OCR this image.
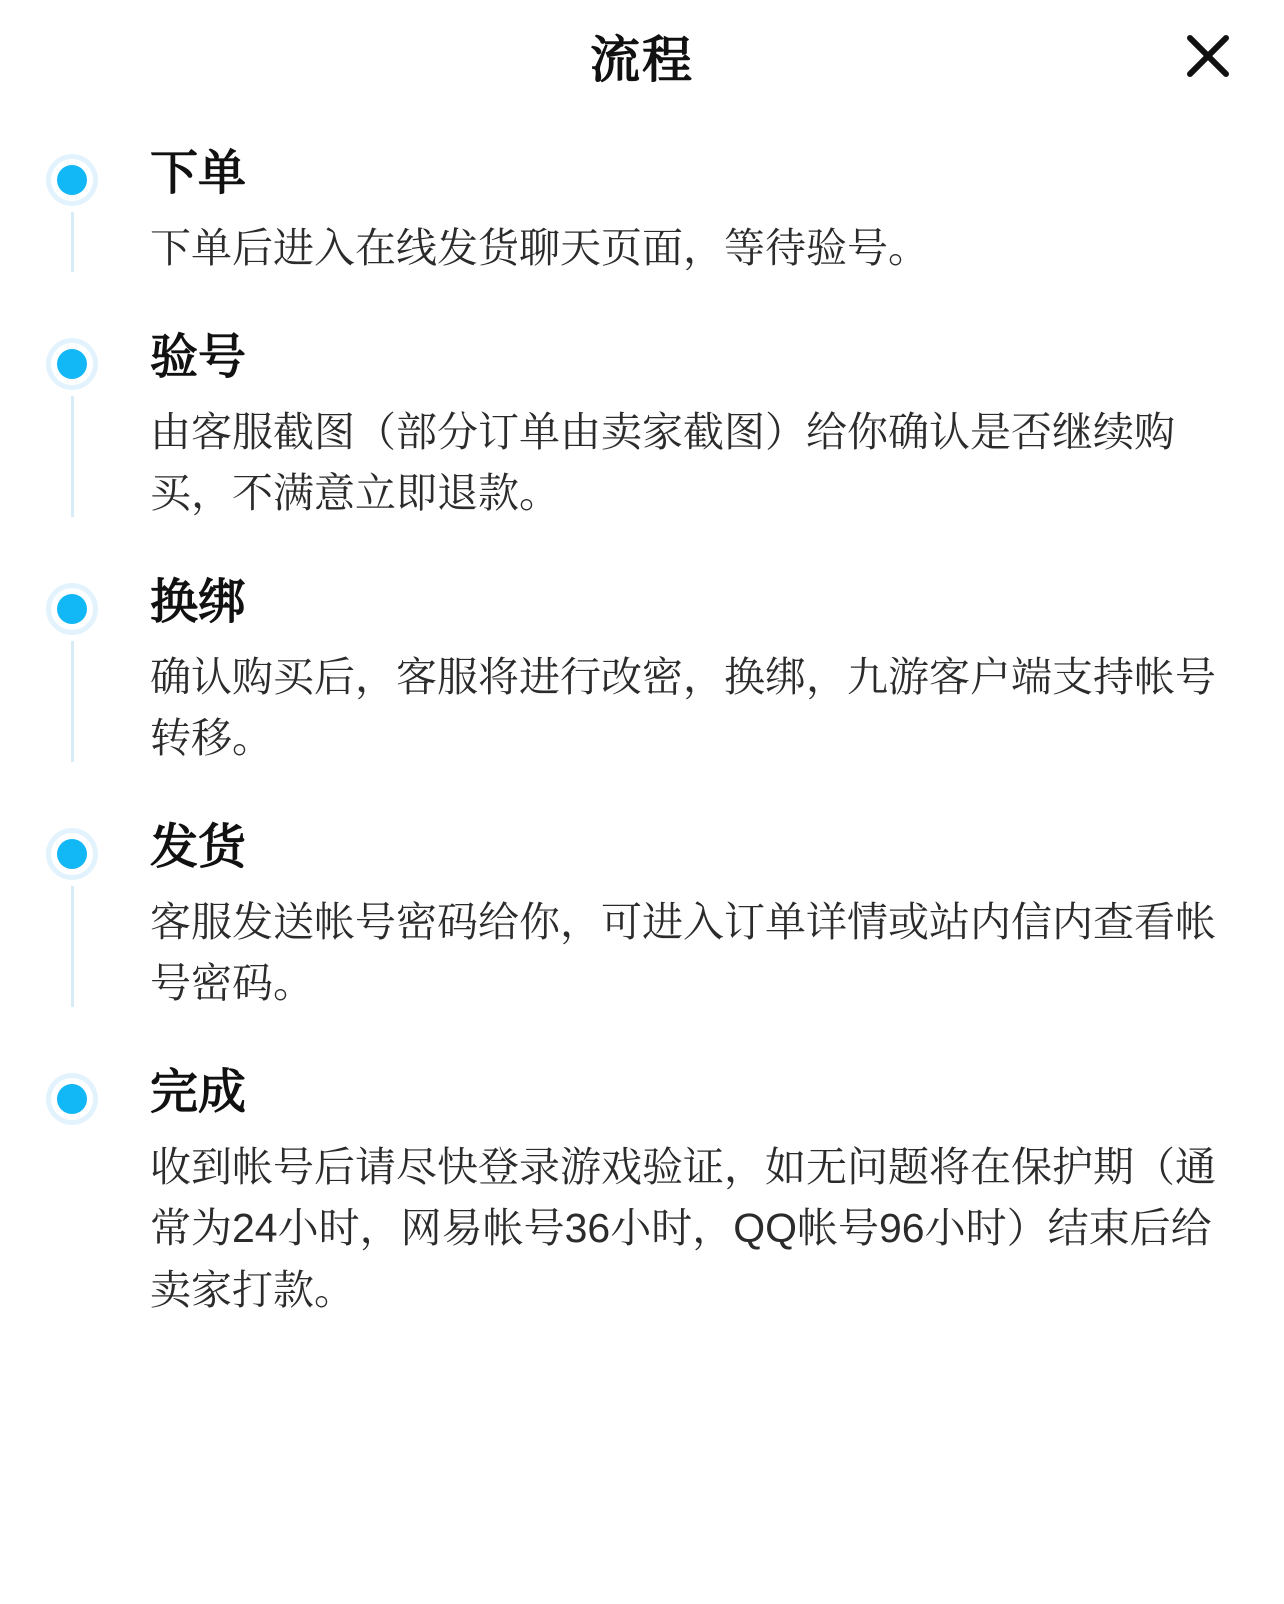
流程
下单

下单后进入在线发货聊天页面，等待验号。

验号

由客服截图（部分订单由卖家截图）给你确认是否继续购买，不满意立即退款。

换绑

确认购买后，客服将进行改密，换绑，九游客户端支持帐号转移。

发货

客服发送帐号密码给你，可进入订单详情或站内信内查看帐号密码。

完成

收到帐号后请尽快登录游戏验证，如无问题将在保护期（通常为24小时，网易帐号36小时，QQ帐号96小时）结束后给卖家打款。
